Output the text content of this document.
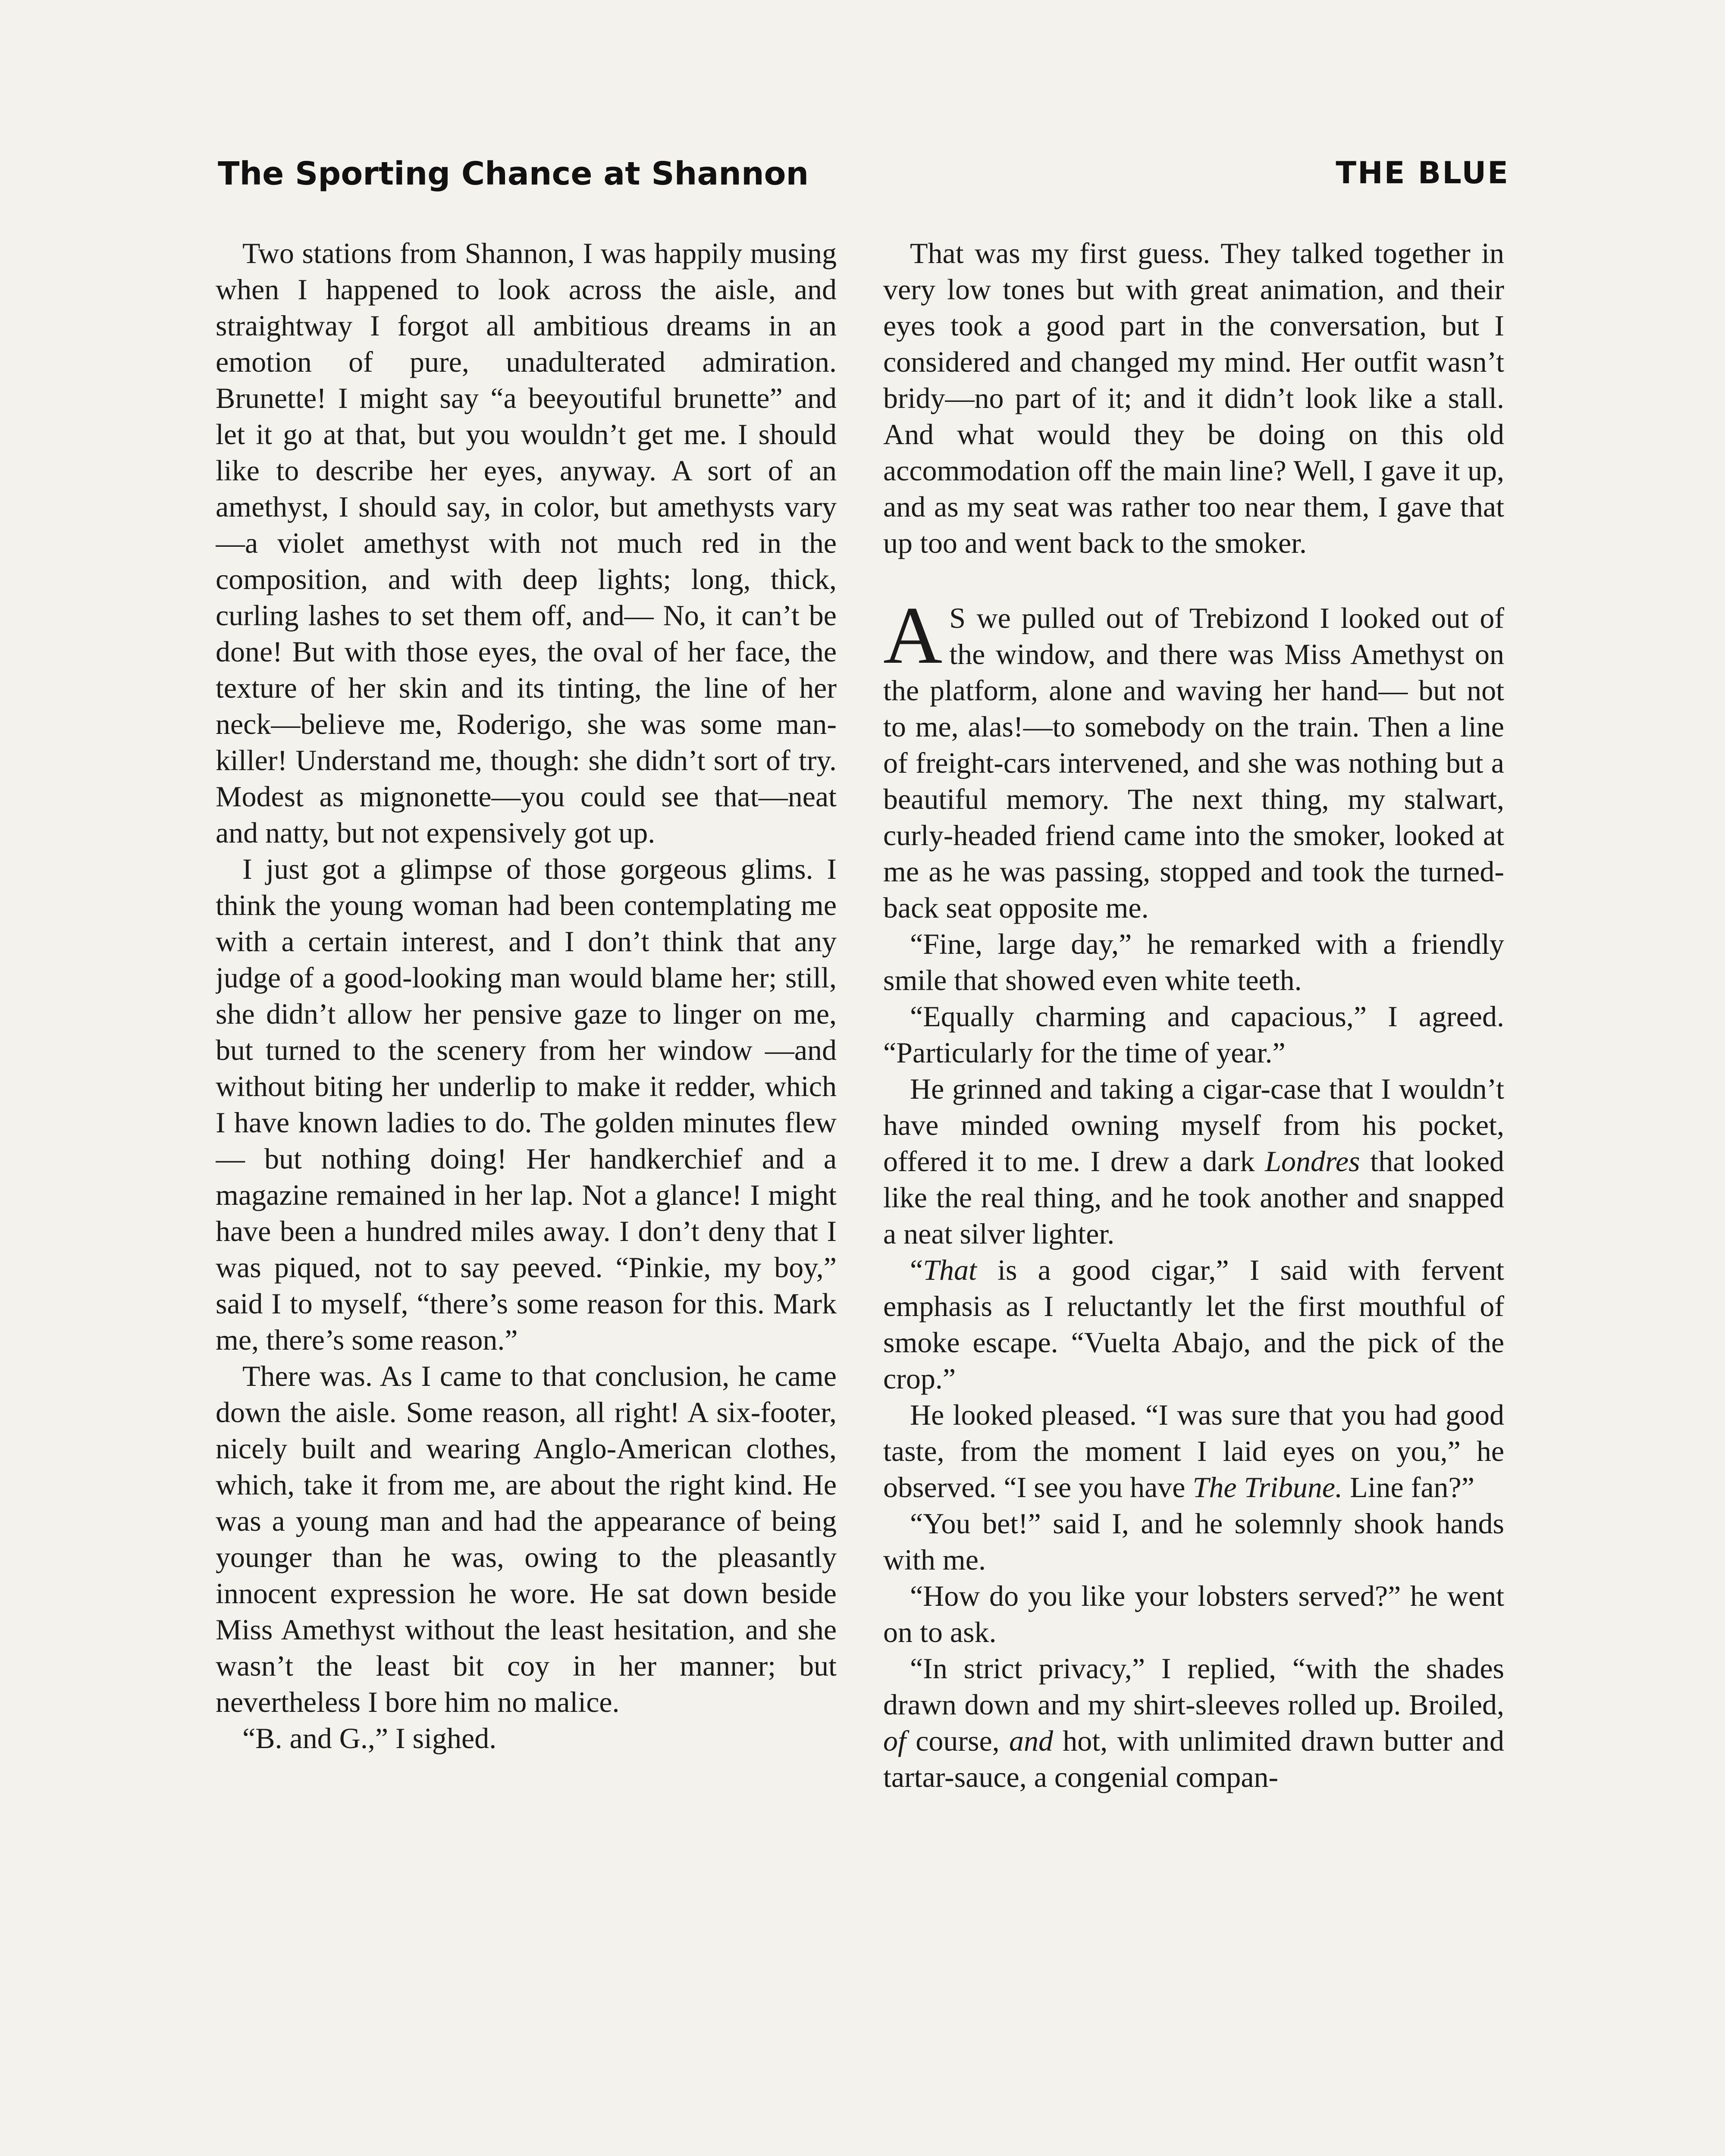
The Sporting Chance at Shannon	THE BLUE

Two stations from Shannon, I was happily musing when I happened to look across the aisle, and straightway I forgot all ambitious dreams in an emotion of pure, unadulterated admiration. Brunette! I might say “a beeyoutiful brunette” and let it go at that, but you wouldn’t get me. I should like to describe her eyes, anyway. A sort of an amethyst, I should say, in color, but amethysts vary—a violet amethyst with not much red in the composition, and with deep lights; long, thick, curling lashes to set them off, and— No, it can’t be done! But with those eyes, the oval of her face, the texture of her skin and its tinting, the line of her neck—believe me, Roderigo, she was some man-killer! Understand me, though: she didn’t sort of try. Modest as mignonette—you could see that—neat and natty, but not expensively got up.

I just got a glimpse of those gorgeous glims. I think the young woman had been contemplating me with a certain interest, and I don’t think that any judge of a good-looking man would blame her; still, she didn’t allow her pensive gaze to linger on me, but turned to the scenery from her window —and without biting her underlip to make it redder, which I have known ladies to do. The golden minutes flew— but nothing doing! Her handkerchief and a magazine remained in her lap. Not a glance! I might have been a hundred miles away. I don’t deny that I was piqued, not to say peeved. “Pinkie, my boy,” said I to myself, “there’s some reason for this. Mark me, there’s some reason.”

There was. As I came to that conclusion, he came down the aisle. Some reason, all right! A six-footer, nicely built and wearing Anglo-American clothes, which, take it from me, are about the right kind. He was a young man and had the appearance of being younger than he was, owing to the pleasantly innocent expression he wore. He sat down beside Miss Amethyst without the least hesitation, and she wasn’t the least bit coy in her manner; but nevertheless I bore him no malice.

“B. and G.,” I sighed.

That was my first guess. They talked together in very low tones but with great animation, and their eyes took a good part in the conversation, but I considered and changed my mind. Her outfit wasn’t bridy—no part of it; and it didn’t look like a stall. And what would they be doing on this old accommodation off the main line? Well, I gave it up, and as my seat was rather too near them, I gave that up too and went back to the smoker.

A S we pulled out of Trebizond I looked out of the window, and there was Miss Amethyst on the platform, alone and waving her hand— but not to me, alas!—to somebody on the train. Then a line of freight-cars intervened, and she was nothing but a beautiful memory. The next thing, my stalwart, curly-headed friend came into the smoker, looked at me as he was passing, stopped and took the turned-back seat opposite me.

“Fine, large day,” he remarked with a friendly smile that showed even white teeth.

“Equally charming and capacious,” I agreed. “Particularly for the time of year.”

He grinned and taking a cigar-case that I wouldn’t have minded owning myself from his pocket, offered it to me. I drew a dark Londres that looked like the real thing, and he took another and snapped a neat silver lighter.

“That is a good cigar,” I said with fervent emphasis as I reluctantly let the first mouthful of smoke escape. “Vuelta Abajo, and the pick of the crop.”

He looked pleased. “I was sure that you had good taste, from the moment I laid eyes on you,” he observed. “I see you have The Tribune. Line fan?”

“You bet!” said I, and he solemnly shook hands with me.

“How do you like your lobsters served?” he went on to ask.

“In strict privacy,” I replied, “with the shades drawn down and my shirt-sleeves rolled up. Broiled, of course, and hot, with unlimited drawn butter and tartar-sauce, a congenial compan-
